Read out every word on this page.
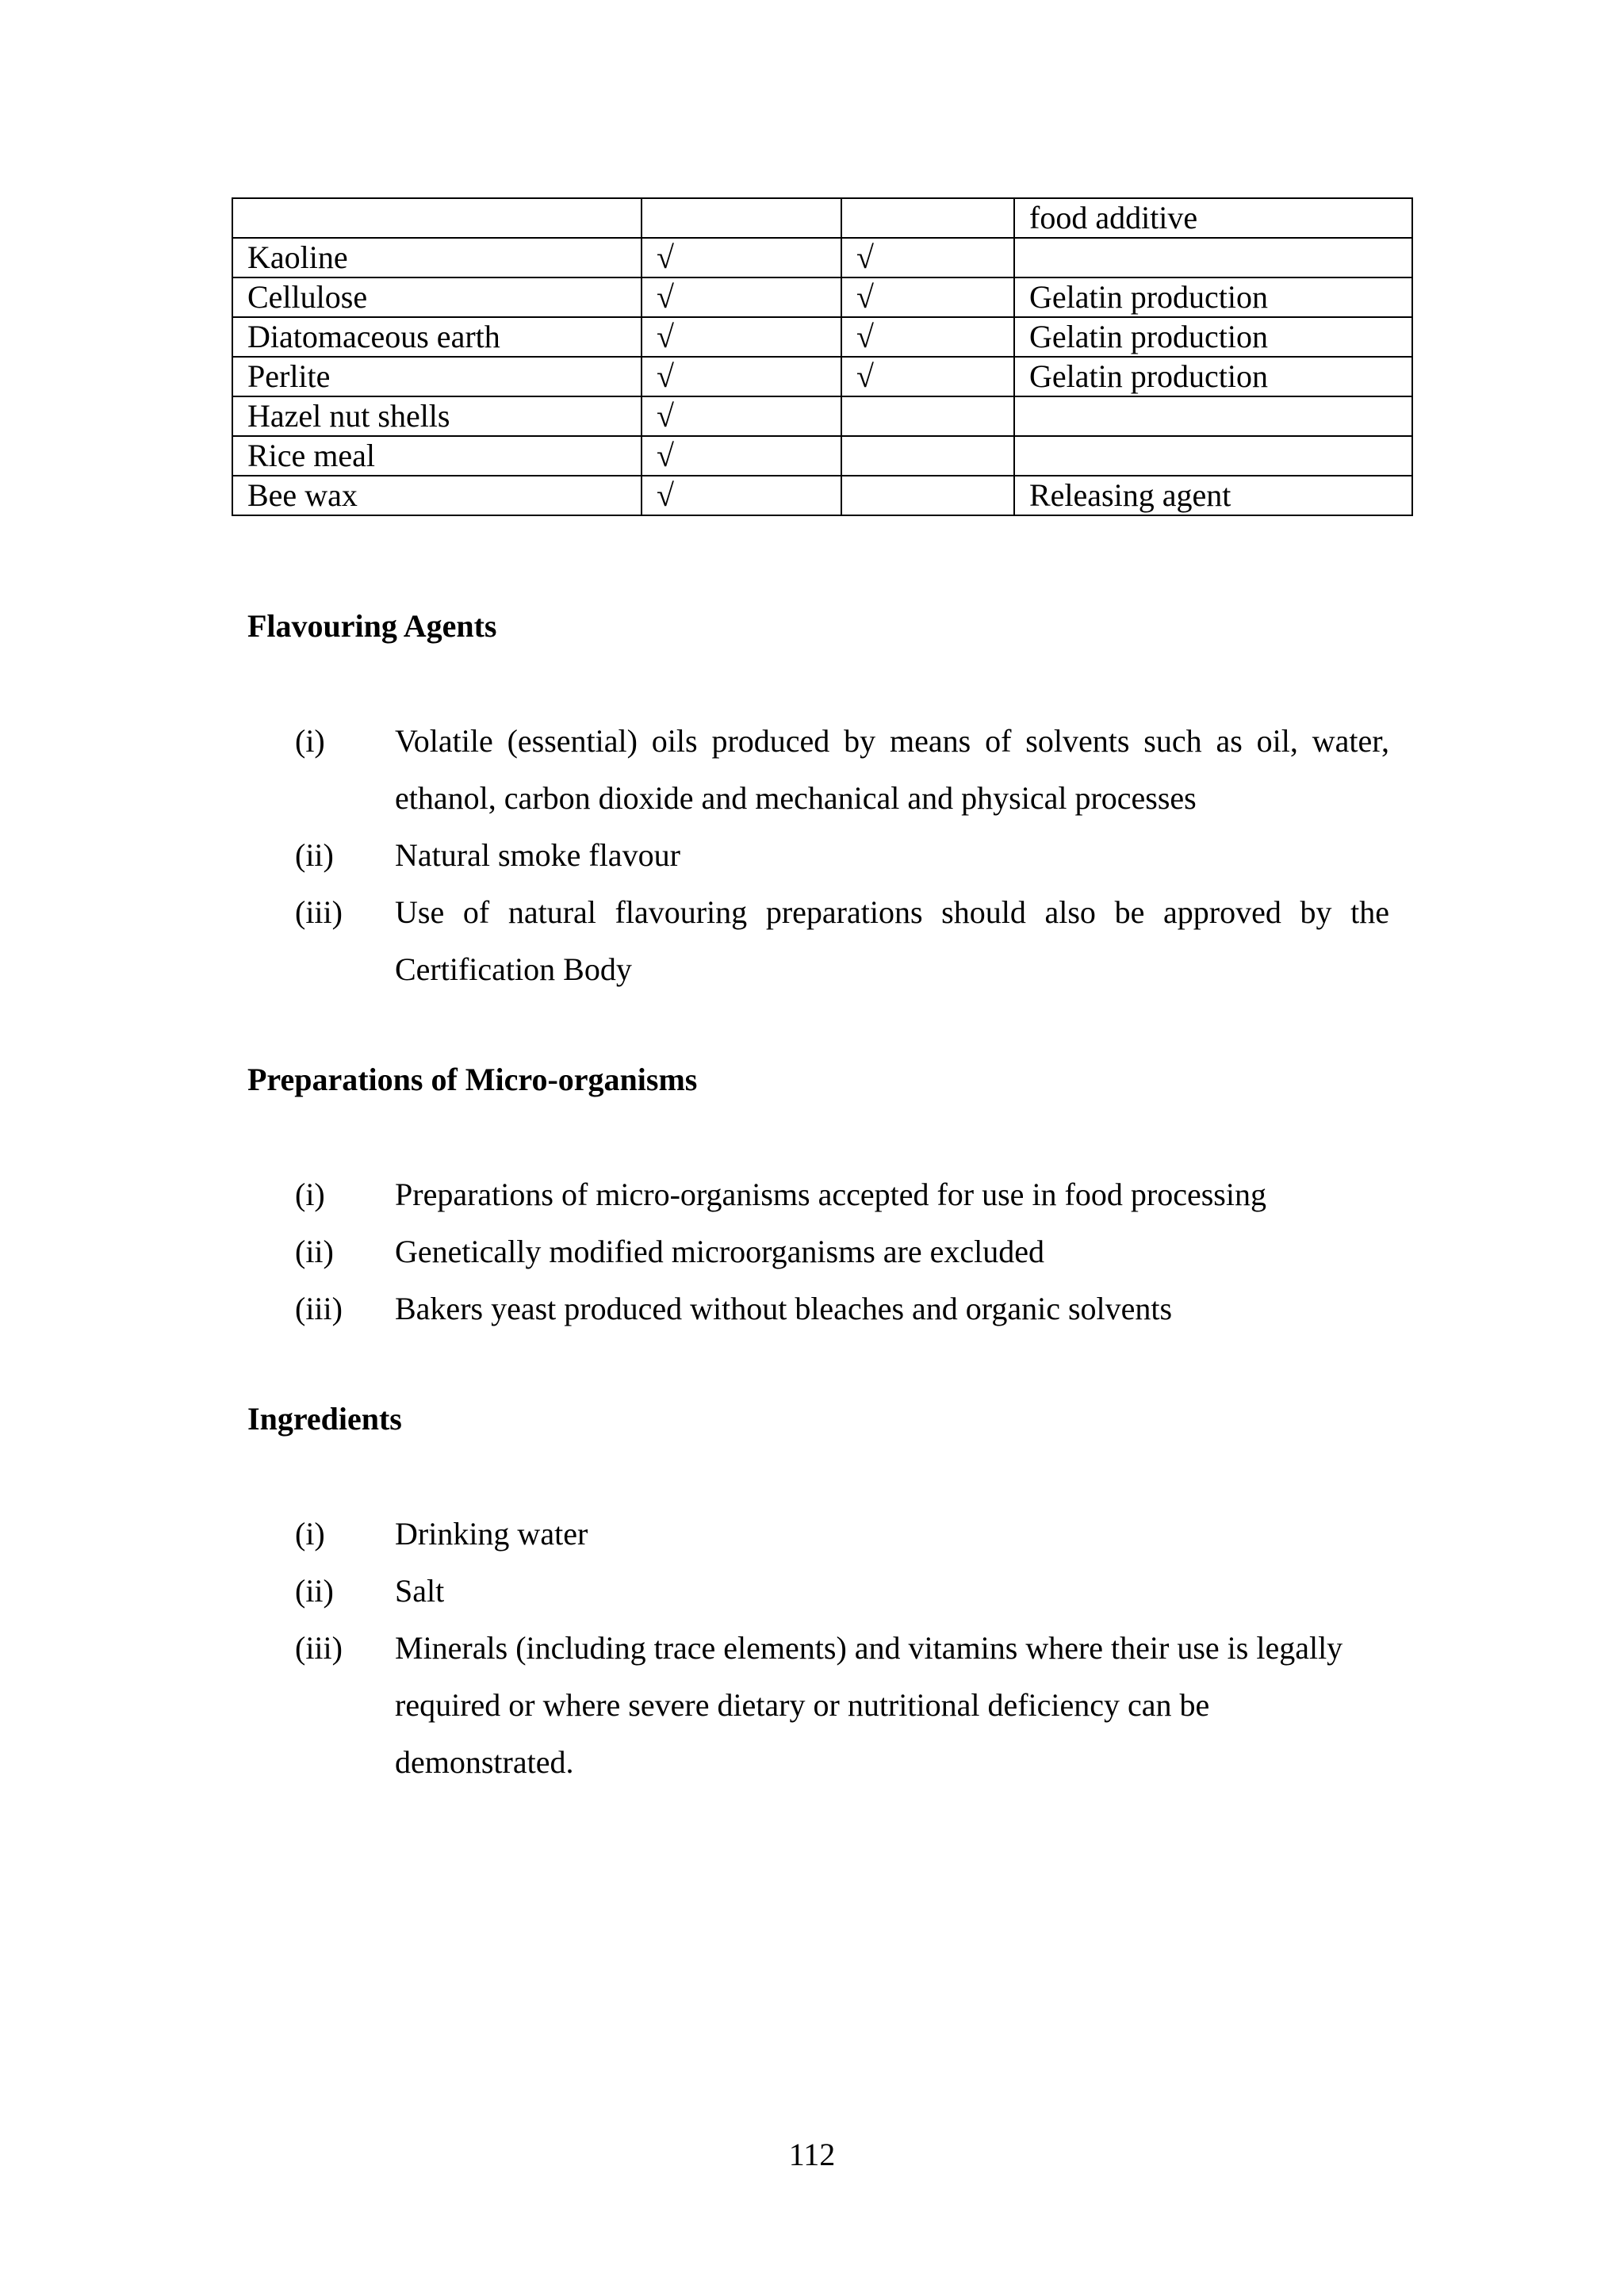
			food additive
Kaoline	√	√	
Cellulose	√	√	Gelatin production
Diatomaceous earth	√	√	Gelatin production
Perlite	√	√	Gelatin production
Hazel nut shells	√		
Rice meal	√		
Bee wax	√		Releasing agent
Flavouring Agents
(i)	Volatile (essential) oils produced by means of solvents such as oil, water, ethanol, carbon dioxide and mechanical and physical processes
(ii)	Natural smoke flavour
(iii)	Use of natural flavouring preparations should also be approved by the Certification Body
Preparations of Micro-organisms
(i)	Preparations of micro-organisms accepted for use in food processing
(ii)	Genetically modified microorganisms are excluded
(iii)	Bakers yeast produced without bleaches and organic solvents
Ingredients
(i)	Drinking water
(ii)	Salt
(iii)	Minerals (including trace elements) and vitamins where their use is legally required or where severe dietary or nutritional deficiency can be demonstrated.
112
